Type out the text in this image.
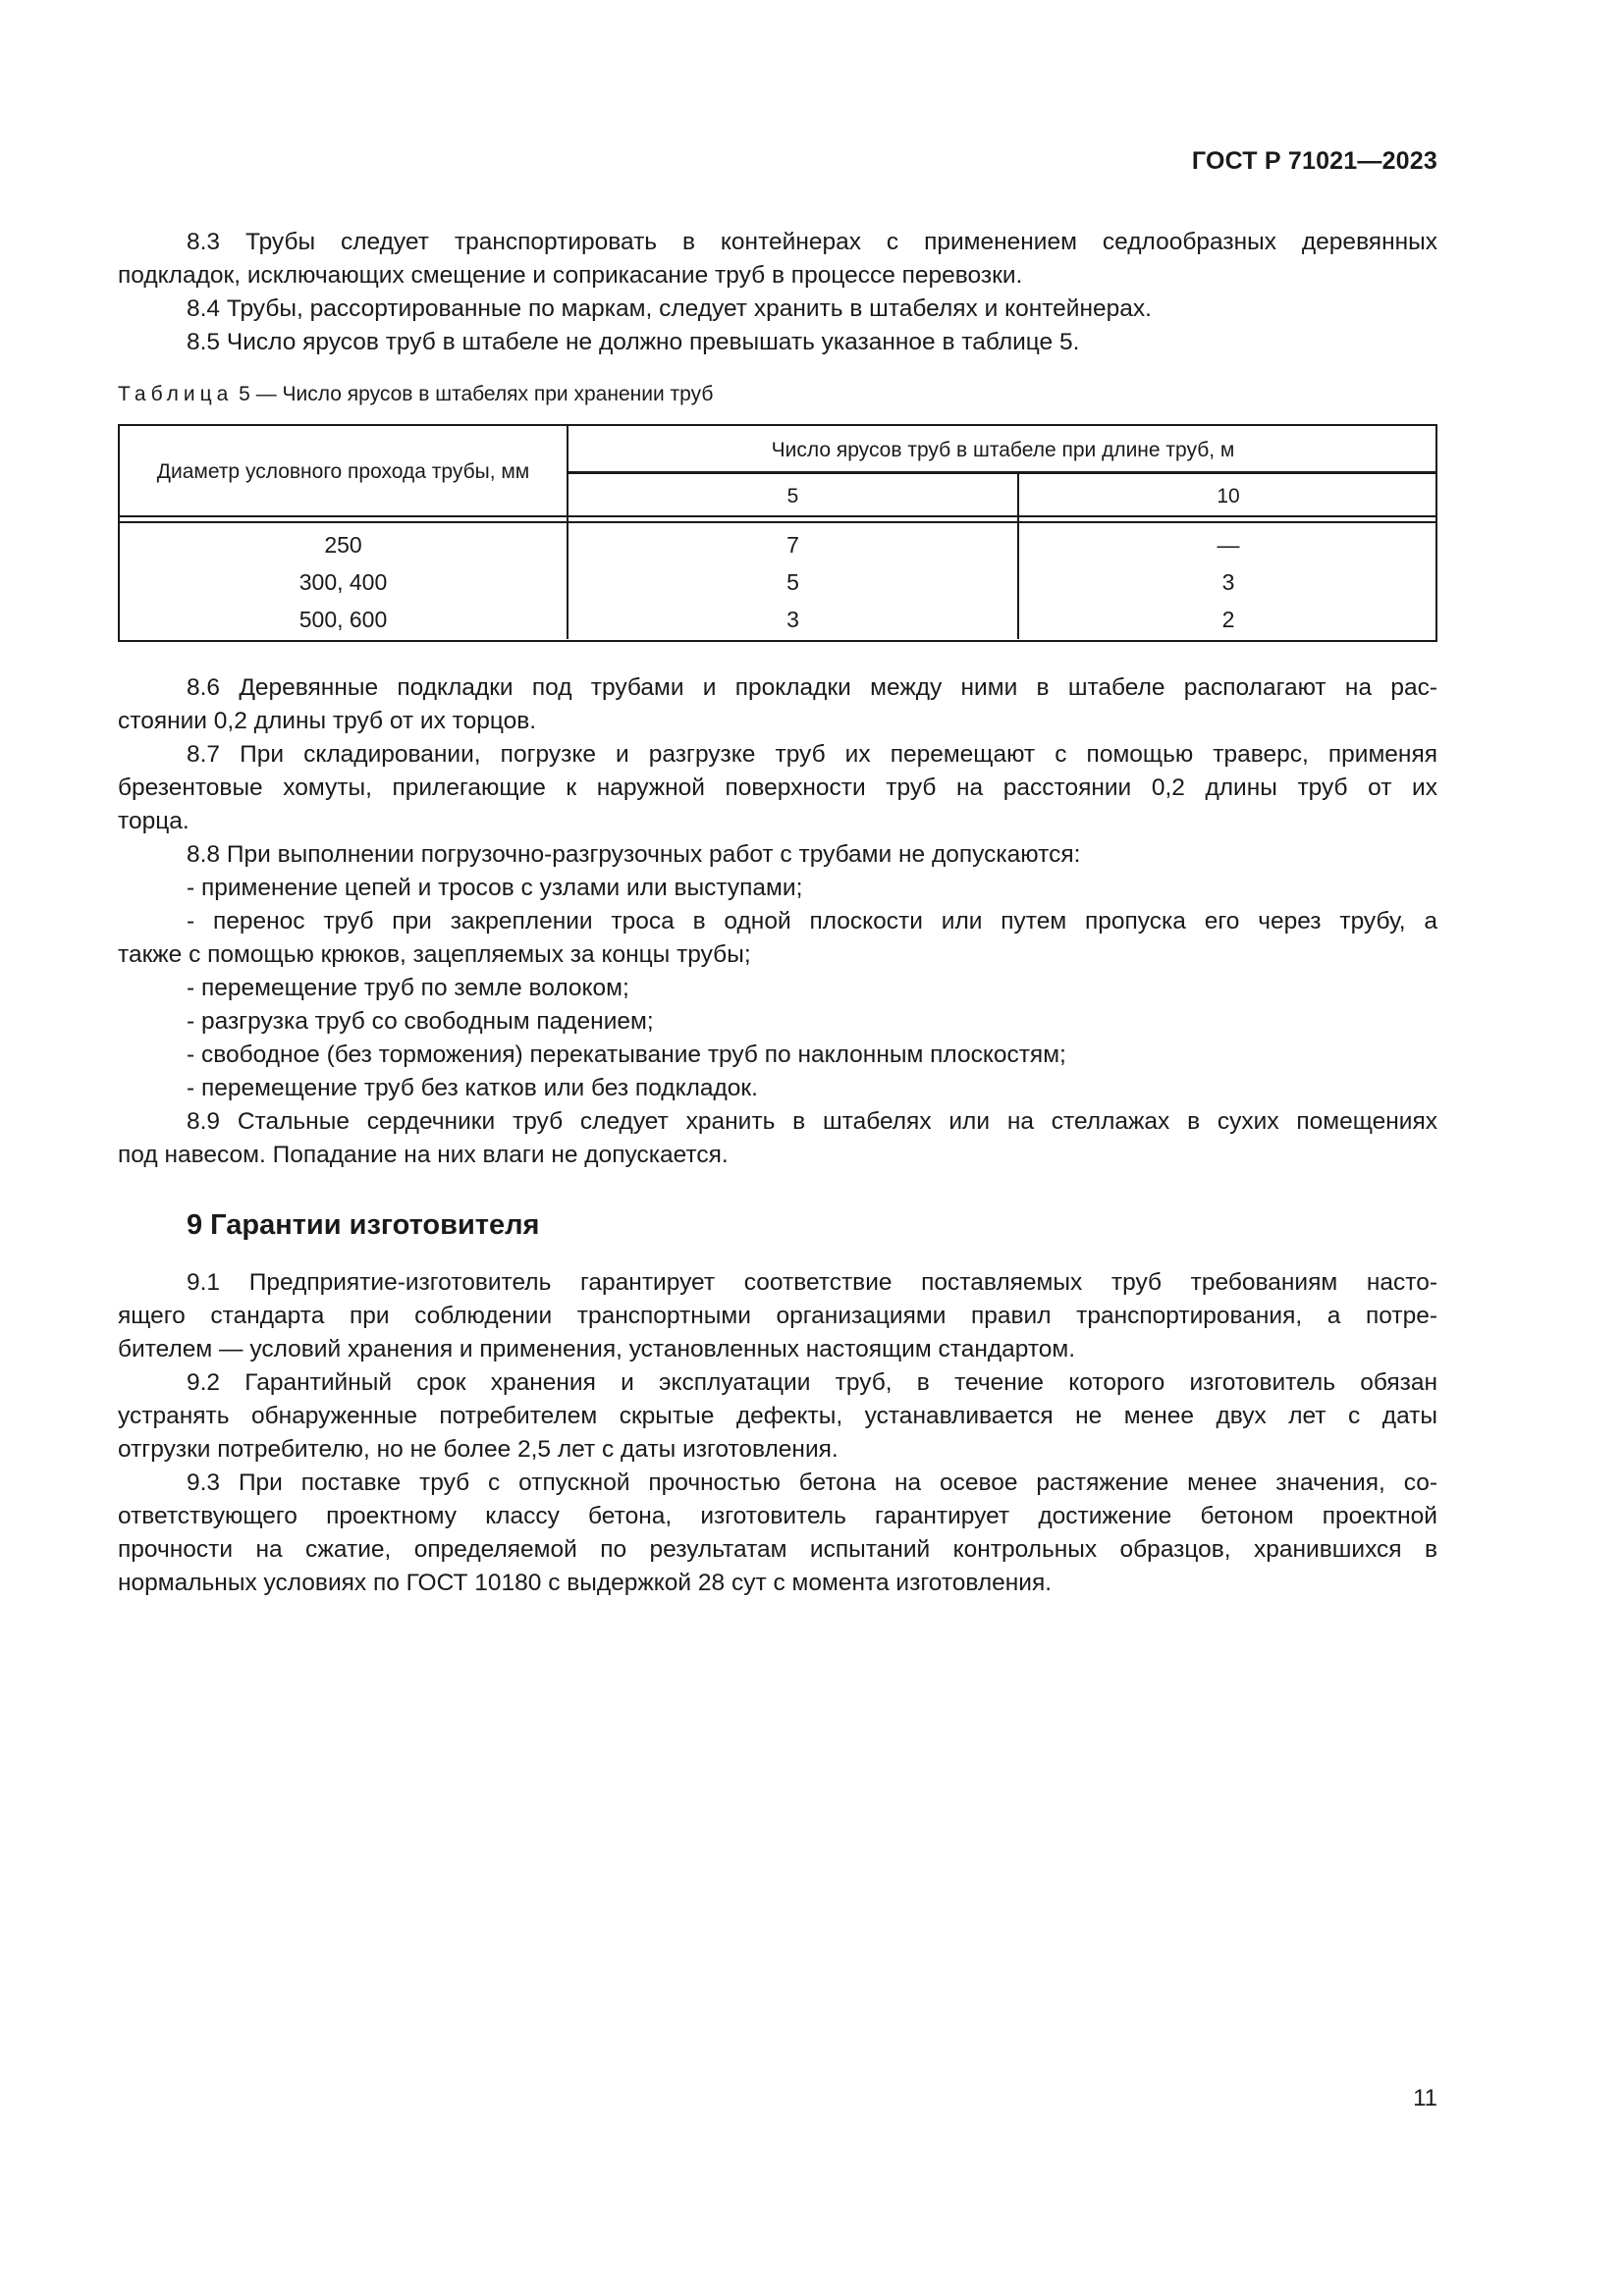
ГОСТ Р 71021—2023
8.3 Трубы следует транспортировать в контейнерах с применением седлообразных деревянных
подкладок, исключающих смещение и соприкасание труб в процессе перевозки.
8.4 Трубы, рассортированные по маркам, следует хранить в штабелях и контейнерах.
8.5 Число ярусов труб в штабеле не должно превышать указанное в таблице 5.
Таблица 5 — Число ярусов в штабелях при хранении труб
Диаметр условного прохода трубы, мм
Число ярусов труб в штабеле при длине труб, м
5	10
250	7	—
300, 400	5	3
500, 600	3	2
8.6 Деревянные подкладки под трубами и прокладки между ними в штабеле располагают на рас-
стоянии 0,2 длины труб от их торцов.
8.7 При складировании, погрузке и разгрузке труб их перемещают с помощью траверс, применяя
брезентовые хомуты, прилегающие к наружной поверхности труб на расстоянии 0,2 длины труб от их
торца.
8.8 При выполнении погрузочно-разгрузочных работ с трубами не допускаются:
- применение цепей и тросов с узлами или выступами;
- перенос труб при закреплении троса в одной плоскости или путем пропуска его через трубу, а
также с помощью крюков, зацепляемых за концы трубы;
- перемещение труб по земле волоком;
- разгрузка труб со свободным падением;
- свободное (без торможения) перекатывание труб по наклонным плоскостям;
- перемещение труб без катков или без подкладок.
8.9 Стальные сердечники труб следует хранить в штабелях или на стеллажах в сухих помещениях
под навесом. Попадание на них влаги не допускается.
9 Гарантии изготовителя
9.1 Предприятие-изготовитель гарантирует соответствие поставляемых труб требованиям насто-
ящего стандарта при соблюдении транспортными организациями правил транспортирования, а потре-
бителем — условий хранения и применения, установленных настоящим стандартом.
9.2 Гарантийный срок хранения и эксплуатации труб, в течение которого изготовитель обязан
устранять обнаруженные потребителем скрытые дефекты, устанавливается не менее двух лет с даты
отгрузки потребителю, но не более 2,5 лет с даты изготовления.
9.3 При поставке труб с отпускной прочностью бетона на осевое растяжение менее значения, со-
ответствующего проектному классу бетона, изготовитель гарантирует достижение бетоном проектной
прочности на сжатие, определяемой по результатам испытаний контрольных образцов, хранившихся в
нормальных условиях по ГОСТ 10180 с выдержкой 28 сут с момента изготовления.
11
